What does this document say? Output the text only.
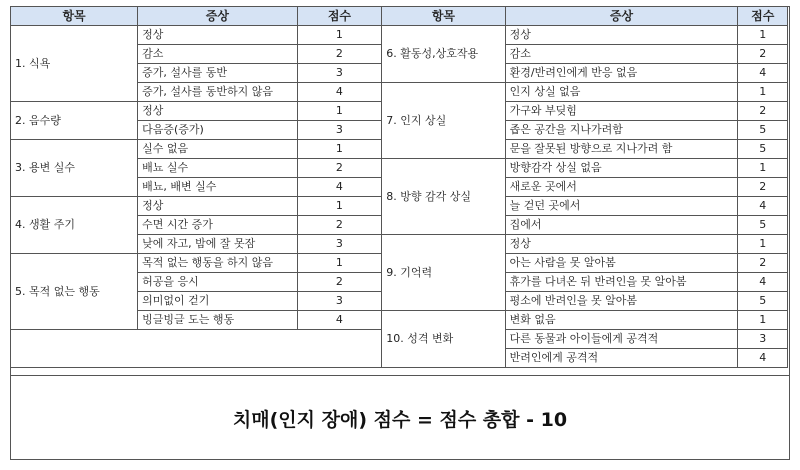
항목	증상	점수	항목	증상	점수
1. 식욕	정상	1	6. 활동성,상호작용	정상	1
	감소	2		감소	2
	증가, 설사를 동반	3		환경/반려인에게 반응 없음	4
	증가, 설사를 동반하지 않음	4	7. 인지 상실	인지 상실 없음	1
2. 음수량	정상	1		가구와 부딪힘	2
	다음증(증가)	3		좁은 공간을 지나가려함	5
3. 용변 실수	실수 없음	1		문을 잘못된 방향으로 지나가려 함	5
	배뇨 실수	2	8. 방향 감각 상실	방향감각 상실 없음	1
	배뇨, 배변 실수	4		새로운 곳에서	2
4. 생활 주기	정상	1		늘 걷던 곳에서	4
	수면 시간 증가	2		집에서	5
	낮에 자고, 밤에 잘 못잠	3	9. 기억력	정상	1
5. 목적 없는 행동	목적 없는 행동을 하지 않음	1		아는 사람을 못 알아봄	2
	허공을 응시	2		휴가를 다녀온 뒤 반려인을 못 알아봄	4
	의미없이 걷기	3		평소에 반려인을 못 알아봄	5
	빙글빙글 도는 행동	4	10. 성격 변화	변화 없음	1
				다른 동물과 아이들에게 공격적	3
				반려인에게 공격적	4
치매(인지 장애) 점수 = 점수 총합 - 10
